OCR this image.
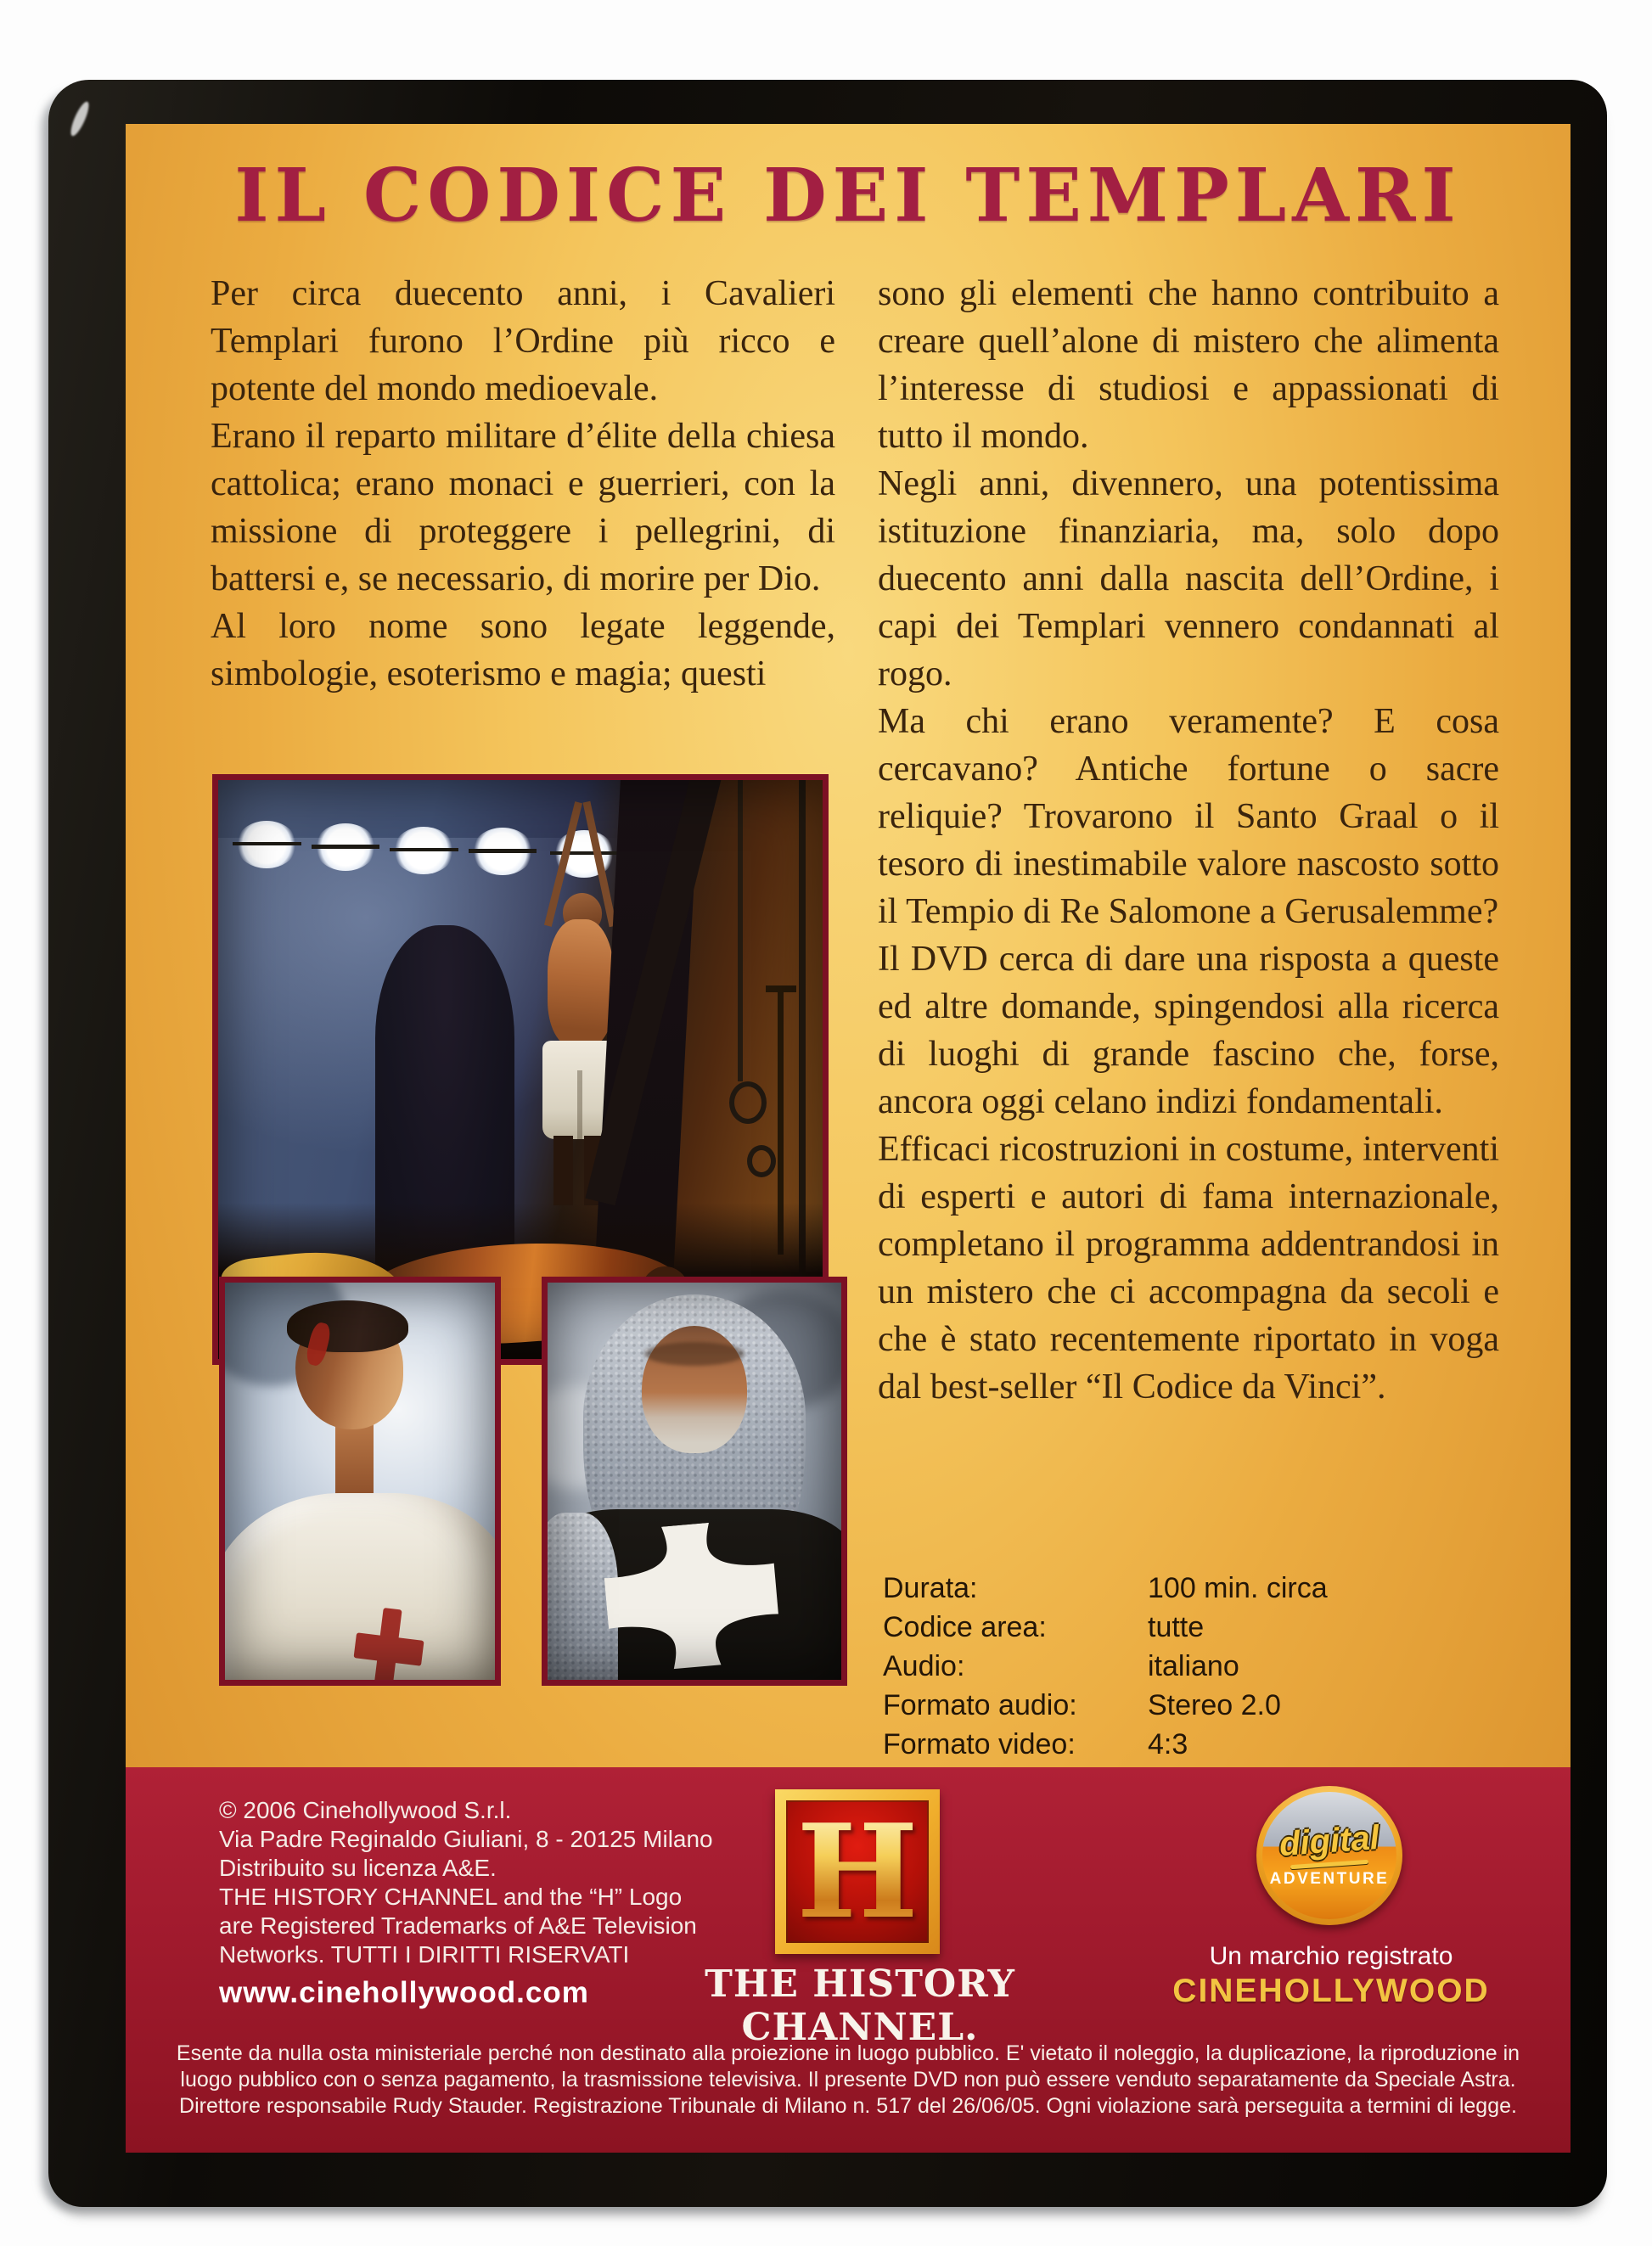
IL CODICE DEI TEMPLARI

Per circa duecento anni, i Cavalieri Templari furono l’Ordine più ricco e potente del mondo medioevale.

Erano il reparto militare d’élite della chiesa cattolica; erano monaci e guerrieri, con la missione di proteggere i pellegrini, di battersi e, se necessario, di morire per Dio.

Al loro nome sono legate leggende, simbologie, esoterismo e magia; questi

sono gli elementi che hanno contribuito a creare quell’alone di mistero che alimenta l’interesse di studiosi e appassionati di tutto il mondo.

Negli anni, divennero, una potentissima istituzione finanziaria, ma, solo dopo duecento anni dalla nascita dell’Ordine, i capi dei Templari vennero condannati al rogo.

Ma chi erano veramente? E cosa cercavano? Antiche fortune o sacre reliquie? Trovarono il Santo Graal o il tesoro di inestimabile valore nascosto sotto il Tempio di Re Salomone a Gerusalemme?

Il DVD cerca di dare una risposta a queste ed altre domande, spingendosi alla ricerca di luoghi di grande fascino che, forse, ancora oggi celano indizi fondamentali.

Efficaci ricostruzioni in costume, interventi di esperti e autori di fama internazionale, completano il programma addentrandosi in un mistero che ci accompagna da secoli e che è stato recentemente riportato in voga dal best-seller “Il Codice da Vinci”.

Durata:	100 min. circa
Codice area:	tutte
Audio:	italiano
Formato audio:	Stereo 2.0
Formato video:	4:3
© 2006 Cinehollywood S.r.l.
Via Padre Reginaldo Giuliani, 8 - 20125 Milano
Distribuito su licenza A&E.
THE HISTORY CHANNEL and the “H” Logo
are Registered Trademarks of A&E Television
Networks. TUTTI I DIRITTI RISERVATI
www.cinehollywood.com
H
THE HISTORY CHANNEL.
digital
ADVENTURE
Un marchio registrato
CINEHOLLYWOOD
Esente da nulla osta ministeriale perché non destinato alla proiezione in luogo pubblico. E' vietato il noleggio, la duplicazione, la riproduzione in
luogo pubblico con o senza pagamento, la trasmissione televisiva. Il presente DVD non può essere venduto separatamente da Speciale Astra.
Direttore responsabile Rudy Stauder. Registrazione Tribunale di Milano n. 517 del 26/06/05. Ogni violazione sarà perseguita a termini di legge.
